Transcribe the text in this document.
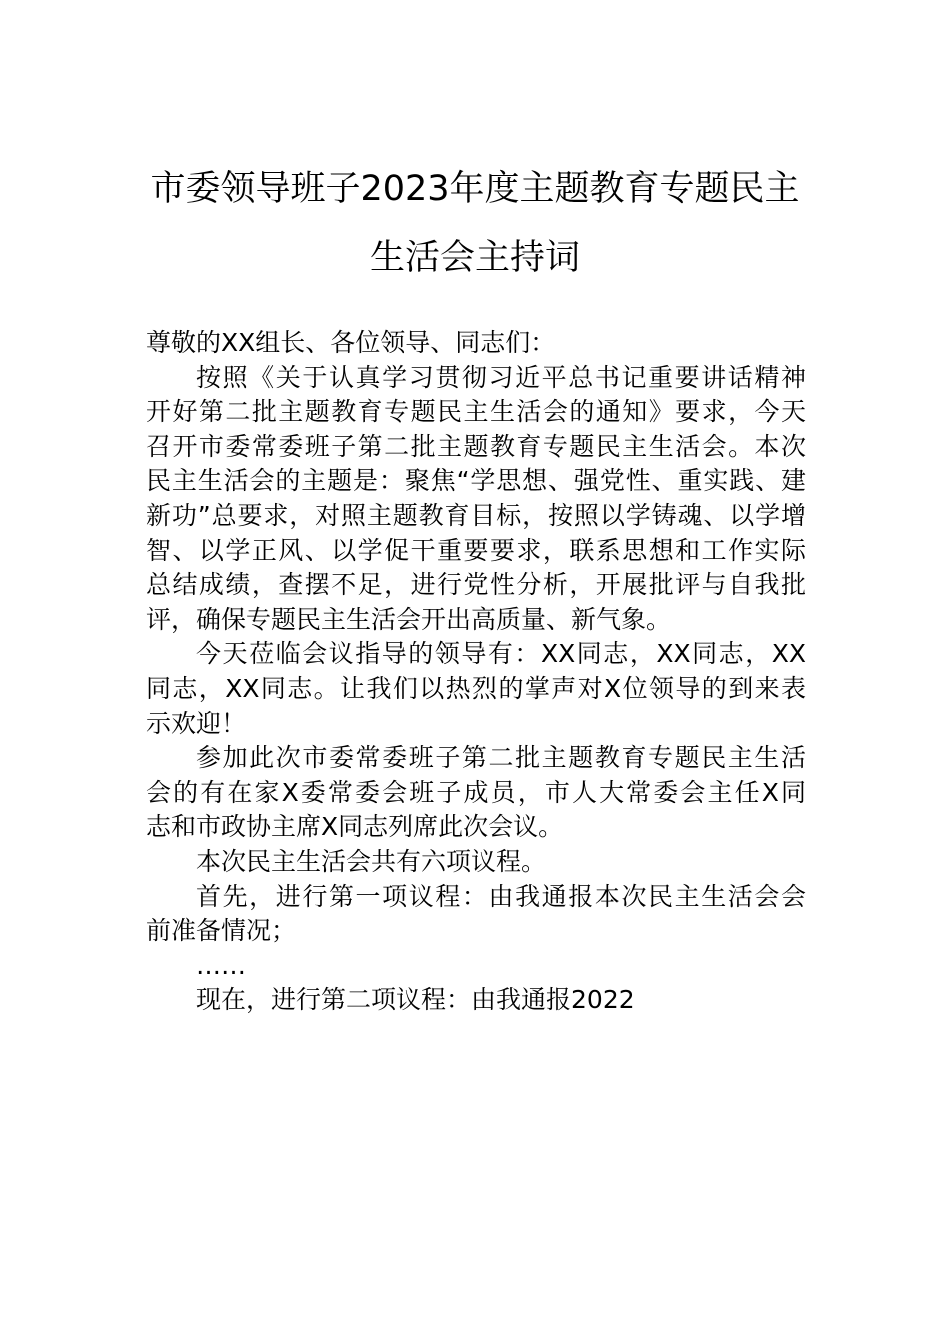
市委领导班子2023年度主题教育专题民主
生活会主持词
尊敬的XX组长、各位领导、同志们：
按照《关于认真学习贯彻习近平总书记重要讲话精神
开好第二批主题教育专题民主生活会的通知》要求，今天
召开市委常委班子第二批主题教育专题民主生活会。本次
民主生活会的主题是：聚焦“学思想、强党性、重实践、建
新功”总要求，对照主题教育目标，按照以学铸魂、以学增
智、以学正风、以学促干重要要求，联系思想和工作实际
总结成绩，查摆不足，进行党性分析，开展批评与自我批
评，确保专题民主生活会开出高质量、新气象。
今天莅临会议指导的领导有：XX同志，XX同志，XX
同志，XX同志。让我们以热烈的掌声对X位领导的到来表
示欢迎！
参加此次市委常委班子第二批主题教育专题民主生活
会的有在家X委常委会班子成员，市人大常委会主任X同
志和市政协主席X同志列席此次会议。
本次民主生活会共有六项议程。
首先，进行第一项议程：由我通报本次民主生活会会
前准备情况；
……
现在，进行第二项议程：由我通报2022
